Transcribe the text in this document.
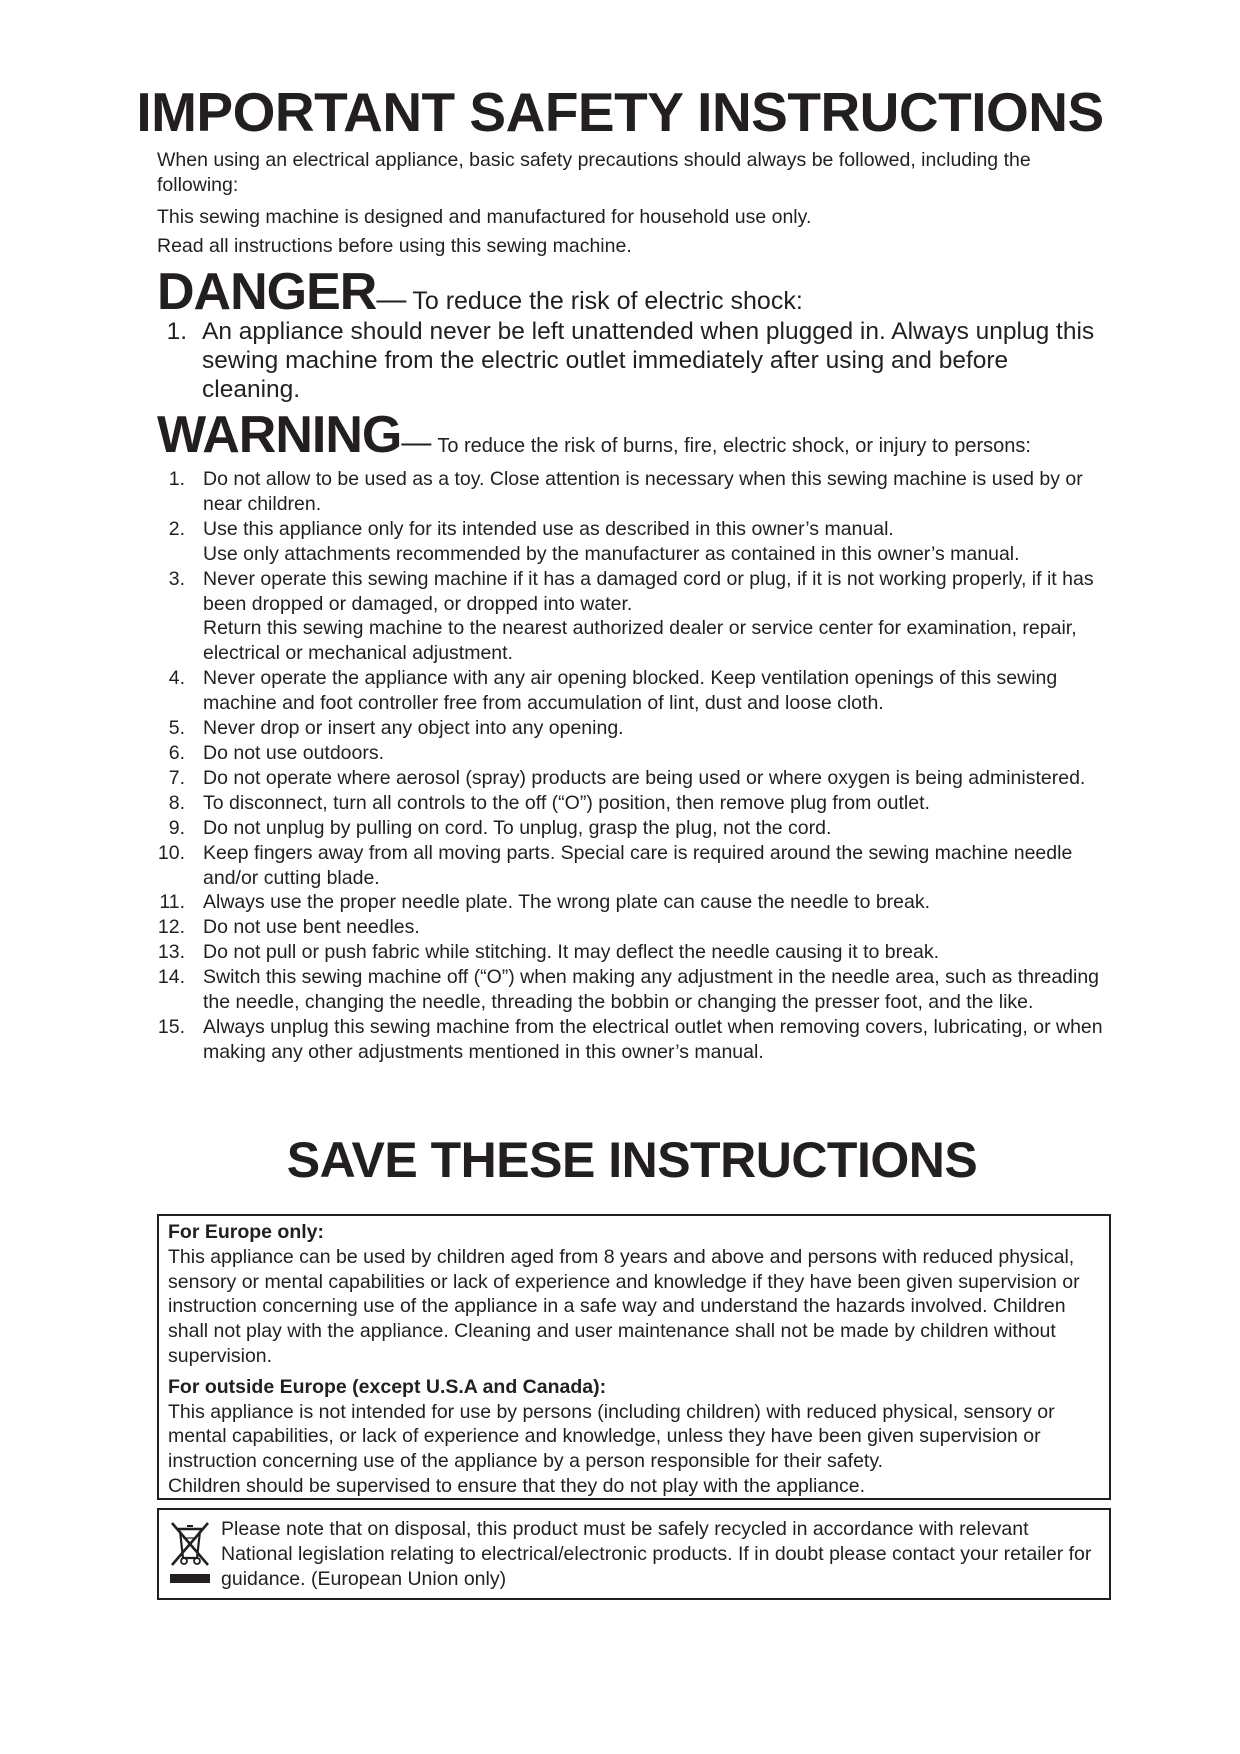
IMPORTANT SAFETY INSTRUCTIONS

When using an electrical appliance, basic safety precautions should always be followed, including the following:

This sewing machine is designed and manufactured for household use only.

Read all instructions before using this sewing machine.

DANGER— To reduce the risk of electric shock:
1. An appliance should never be left unattended when plugged in. Always unplug this sewing machine from the electric outlet immediately after using and before cleaning.
WARNING— To reduce the risk of burns, fire, electric shock, or injury to persons:
1. Do not allow to be used as a toy. Close attention is necessary when this sewing machine is used by or near children.
2. Use this appliance only for its intended use as described in this owner’s manual.
Use only attachments recommended by the manufacturer as contained in this owner’s manual.
3. Never operate this sewing machine if it has a damaged cord or plug, if it is not working properly, if it has been dropped or damaged, or dropped into water.
Return this sewing machine to the nearest authorized dealer or service center for examination, repair, electrical or mechanical adjustment.
4. Never operate the appliance with any air opening blocked. Keep ventilation openings of this sewing machine and foot controller free from accumulation of lint, dust and loose cloth.
5. Never drop or insert any object into any opening.
6. Do not use outdoors.
7. Do not operate where aerosol (spray) products are being used or where oxygen is being administered.
8. To disconnect, turn all controls to the off (“O”) position, then remove plug from outlet.
9. Do not unplug by pulling on cord. To unplug, grasp the plug, not the cord.
10. Keep fingers away from all moving parts. Special care is required around the sewing machine needle and/or cutting blade.
11. Always use the proper needle plate. The wrong plate can cause the needle to break.
12. Do not use bent needles.
13. Do not pull or push fabric while stitching. It may deflect the needle causing it to break.
14. Switch this sewing machine off (“O”) when making any adjustment in the needle area, such as threading the needle, changing the needle, threading the bobbin or changing the presser foot, and the like.
15. Always unplug this sewing machine from the electrical outlet when removing covers, lubricating, or when making any other adjustments mentioned in this owner’s manual.
SAVE THESE INSTRUCTIONS
For Europe only:

This appliance can be used by children aged from 8 years and above and persons with reduced physical, sensory or mental capabilities or lack of experience and knowledge if they have been given supervision or instruction concerning use of the appliance in a safe way and understand the hazards involved. Children shall not play with the appliance. Cleaning and user maintenance shall not be made by children without supervision.

For outside Europe (except U.S.A and Canada):

This appliance is not intended for use by persons (including children) with reduced physical, sensory or mental capabilities, or lack of experience and knowledge, unless they have been given supervision or instruction concerning use of the appliance by a person responsible for their safety.

Children should be supervised to ensure that they do not play with the appliance.

Please note that on disposal, this product must be safely recycled in accordance with relevant National legislation relating to electrical/electronic products. If in doubt please contact your retailer for guidance. (European Union only)
